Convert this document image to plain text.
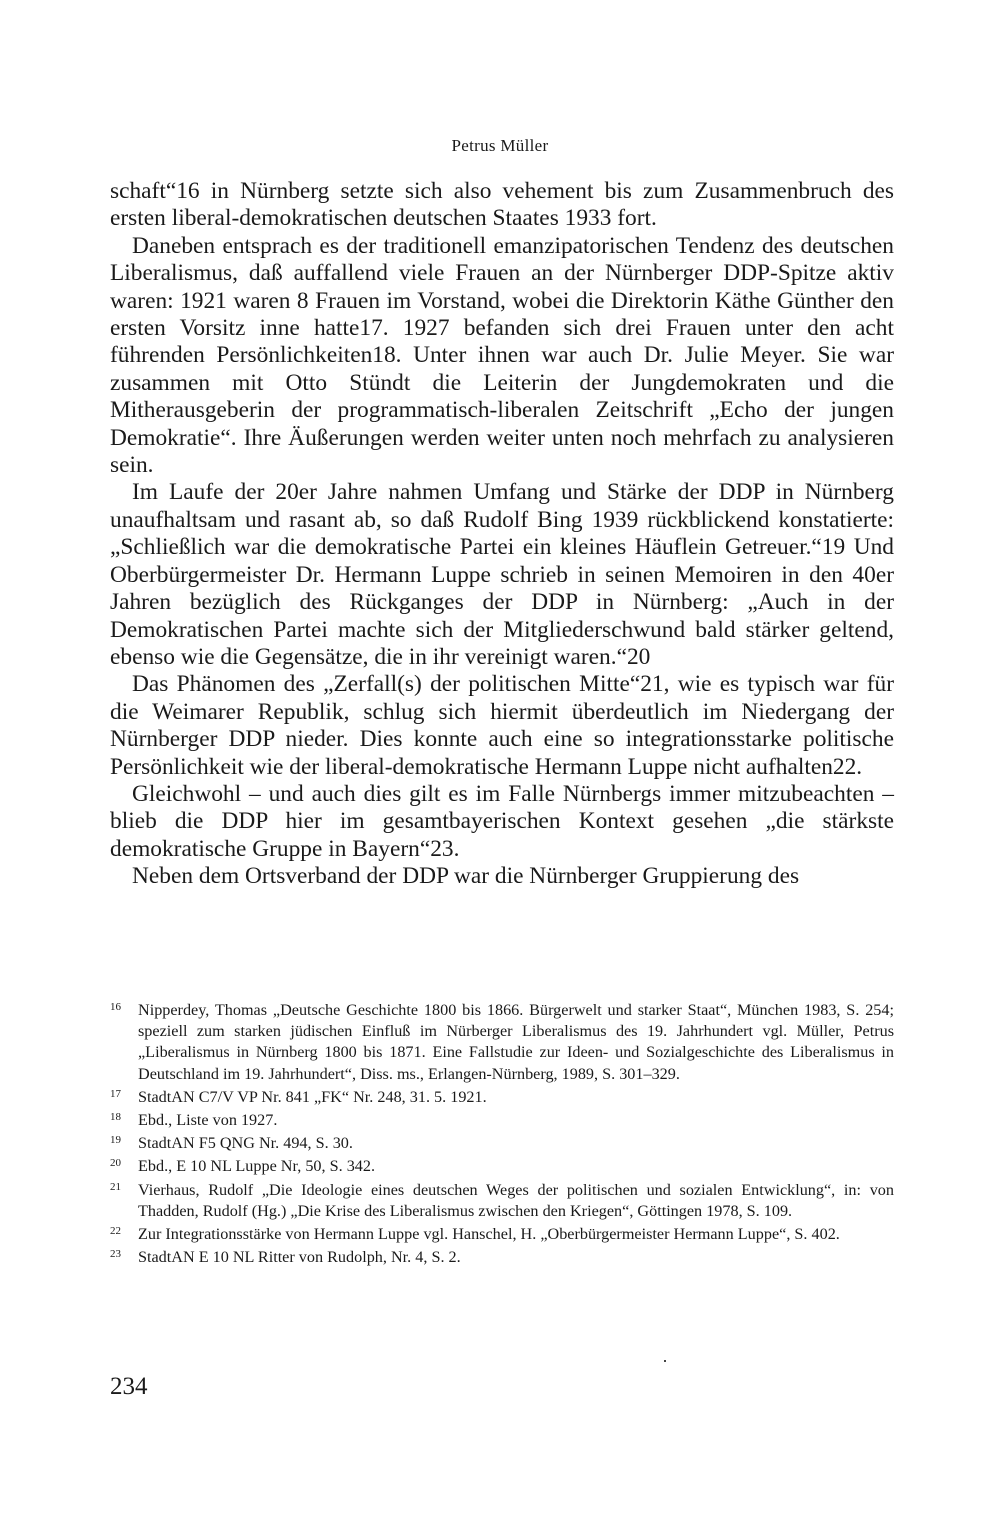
Petrus Müller

schaft“16 in Nürnberg setzte sich also vehement bis zum Zusammenbruch des ersten liberal-demokratischen deutschen Staates 1933 fort.

Daneben entsprach es der traditionell emanzipatorischen Tendenz des deutschen Liberalismus, daß auffallend viele Frauen an der Nürnberger DDP-Spitze aktiv waren: 1921 waren 8 Frauen im Vorstand, wobei die Direktorin Käthe Günther den ersten Vorsitz inne hatte17. 1927 befanden sich drei Frauen unter den acht führenden Persönlichkeiten18. Unter ihnen war auch Dr. Julie Meyer. Sie war zusammen mit Otto Stündt die Leiterin der Jungdemokraten und die Mitherausgeberin der programmatisch-liberalen Zeitschrift „Echo der jungen Demokratie“. Ihre Äußerungen werden weiter unten noch mehrfach zu analysieren sein.

Im Laufe der 20er Jahre nahmen Umfang und Stärke der DDP in Nürnberg unaufhaltsam und rasant ab, so daß Rudolf Bing 1939 rückblickend konstatierte: „Schließlich war die demokratische Partei ein kleines Häuflein Getreuer.“19 Und Oberbürgermeister Dr. Hermann Luppe schrieb in seinen Memoiren in den 40er Jahren bezüglich des Rückganges der DDP in Nürnberg: „Auch in der Demokratischen Partei machte sich der Mitgliederschwund bald stärker geltend, ebenso wie die Gegensätze, die in ihr vereinigt waren.“20

Das Phänomen des „Zerfall(s) der politischen Mitte“21, wie es typisch war für die Weimarer Republik, schlug sich hiermit überdeutlich im Niedergang der Nürnberger DDP nieder. Dies konnte auch eine so integrationsstarke politische Persönlichkeit wie der liberal-demokratische Hermann Luppe nicht aufhalten22.

Gleichwohl – und auch dies gilt es im Falle Nürnbergs immer mitzubeachten – blieb die DDP hier im gesamtbayerischen Kontext gesehen „die stärkste demokratische Gruppe in Bayern“23.

Neben dem Ortsverband der DDP war die Nürnberger Gruppierung des

16 Nipperdey, Thomas „Deutsche Geschichte 1800 bis 1866. Bürgerwelt und starker Staat“, München 1983, S. 254; speziell zum starken jüdischen Einfluß im Nürberger Liberalismus des 19. Jahrhundert vgl. Müller, Petrus „Liberalismus in Nürnberg 1800 bis 1871. Eine Fallstudie zur Ideen- und Sozialgeschichte des Liberalismus in Deutschland im 19. Jahrhundert“, Diss. ms., Erlangen-Nürnberg, 1989, S. 301–329.
17 StadtAN C7/V VP Nr. 841 „FK“ Nr. 248, 31. 5. 1921.
18 Ebd., Liste von 1927.
19 StadtAN F5 QNG Nr. 494, S. 30.
20 Ebd., E 10 NL Luppe Nr, 50, S. 342.
21 Vierhaus, Rudolf „Die Ideologie eines deutschen Weges der politischen und sozialen Entwicklung“, in: von Thadden, Rudolf (Hg.) „Die Krise des Liberalismus zwischen den Kriegen“, Göttingen 1978, S. 109.
22 Zur Integrationsstärke von Hermann Luppe vgl. Hanschel, H. „Oberbürgermeister Hermann Luppe“, S. 402.
23 StadtAN E 10 NL Ritter von Rudolph, Nr. 4, S. 2.
234
